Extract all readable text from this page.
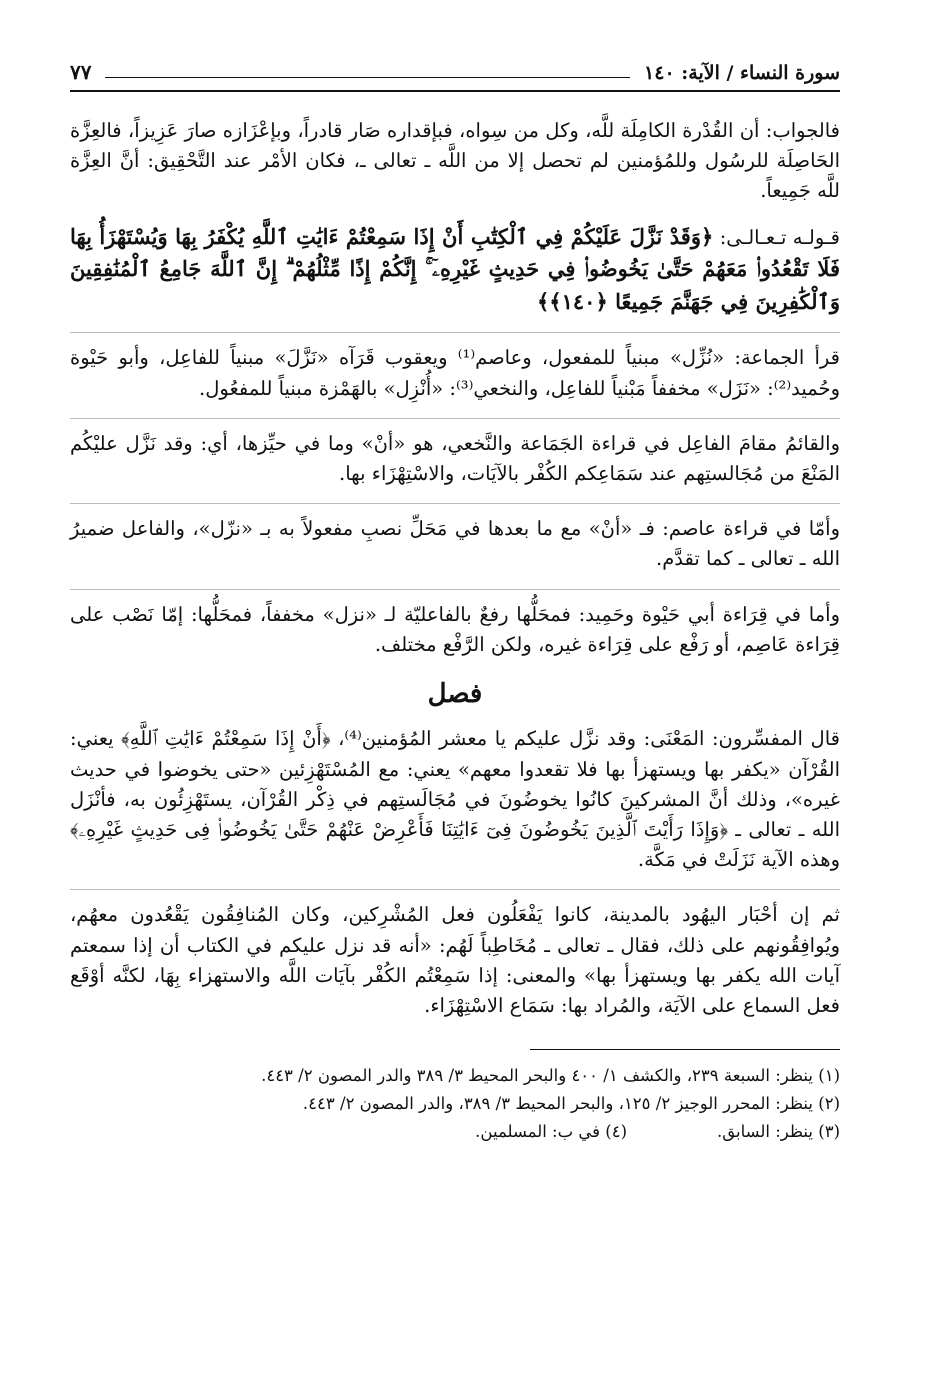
سورة النساء / الآية: ١٤٠
٧٧

فالجواب: أن القُدْرة الكامِلَة للَّه، وكل من سِواه، فبإقداره صَار قادراً، وبإعْزَازه صارَ عَزِيزاً، فالعِزَّة الحَاصِلَة للرسُول وللمُؤمنين لم تحصل إلا من اللَّه ـ تعالى ـ، فكان الأمْر عند التَّحْقِيق: أنَّ العِزَّة للَّه جَمِيعاً.

قـولـه تـعـالـى: ﴿وَقَدْ نَزَّلَ عَلَيْكُمْ فِي ٱلْكِتَٰبِ أَنْ إِذَا سَمِعْتُمْ ءَايَٰتِ ٱللَّهِ يُكْفَرُ بِهَا وَيُسْتَهْزَأُ بِهَا فَلَا تَقْعُدُوا۟ مَعَهُمْ حَتَّىٰ يَخُوضُوا۟ فِي حَدِيثٍ غَيْرِهِۦٓ ۚ إِنَّكُمْ إِذًا مِّثْلُهُمْ ۗ إِنَّ ٱللَّهَ جَامِعُ ٱلْمُنَٰفِقِينَ وَٱلْكَٰفِرِينَ فِي جَهَنَّمَ جَمِيعًا ﴿١٤٠﴾﴾

قرأ الجماعة: «نُزِّل» مبنياً للمفعول، وعاصم⁽¹⁾ ويعقوب قَرَآه «نَزَّلَ» مبنياً للفاعِل، وأبو حَيْوة وحُميد⁽²⁾: «نَزَل» مخففاً مَبْنياً للفاعِل، والنخعي⁽³⁾: «أُنْزِل» بالهَمْزة مبنياً للمفعُول.

والقائمُ مقامَ الفاعِل في قراءة الجَمَاعة والنَّخعي، هو «أنْ» وما في حيِّزها، أي: وقد نَزَّل عليْكُم المَنْعَ من مُجَالستِهم عند سَمَاعِكم الكُفْر بالآيَات، والاسْتِهْزَاء بها.

وأمّا في قراءة عاصم: فـ «أنْ» مع ما بعدها في مَحَلِّ نصبِ مفعولاً به بـ «نزّل»، والفاعل ضميرُ الله ـ تعالى ـ كما تقدَّم.

وأما في قِرَاءة أبي حَيْوة وحَمِيد: فمحَلُّها رفعٌ بالفاعليّة لـ «نزل» مخففاً، فمحَلُّها: إمّا نَصْب على قِرَاءة عَاصِم، أو رَفْع على قِرَاءة غيره، ولكن الرَّفْع مختلف.

فصل

قال المفسِّرون: المَعْنَى: وقد نزَّل عليكم يا معشر المُؤمنين⁽⁴⁾، ﴿أَنْ إِذَا سَمِعْتُمْ ءَايَٰتِ ٱللَّهِ﴾ يعني: القُرْآن «يكفر بها ويستهزأ بها فلا تقعدوا معهم» يعني: مع المُسْتَهْزِئين «حتى يخوضوا في حديث غيره»، وذلك أنَّ المشركينَ كانُوا يخوضُونَ في مُجَالَستِهم في ذِكْر القُرْآن، يستَهْزِئُون به، فأنْزَل الله ـ تعالى ـ ﴿وَإِذَا رَأَيْتَ ٱلَّذِينَ يَخُوضُونَ فِىٓ ءَايَٰتِنَا فَأَعْرِضْ عَنْهُمْ حَتَّىٰ يَخُوضُوا۟ فِى حَدِيثٍ غَيْرِهِۦ﴾ وهذه الآية نَزَلَتْ في مَكَّة.

ثم إن أحْبَار اليهُود بالمدينة، كانوا يَفْعَلُون فعل المُشْرِكين، وكان المُنافِقُون يَقْعُدون معهُم، ويُوافِقُونهم على ذلك، فقال ـ تعالى ـ مُخَاطِباً لَهُم: «أنه قد نزل عليكم في الكتاب أن إذا سمعتم آيات الله يكفر بها ويستهزأ بها» والمعنى: إذا سَمِعْتُم الكُفْر بآيَات اللَّه والاستهزاء بِهَا، لكنَّه أوْقَع فعل السماع على الآيَة، والمُراد بها: سَمَاع الاسْتِهْزَاء.

(١) ينظر: السبعة ٢٣٩، والكشف ١/ ٤٠٠ والبحر المحيط ٣/ ٣٨٩ والدر المصون ٢/ ٤٤٣.
(٢) ينظر: المحرر الوجيز ٢/ ١٢٥، والبحر المحيط ٣/ ٣٨٩، والدر المصون ٢/ ٤٤٣.
(٣) ينظر: السابق.
(٤) في ب: المسلمين.
